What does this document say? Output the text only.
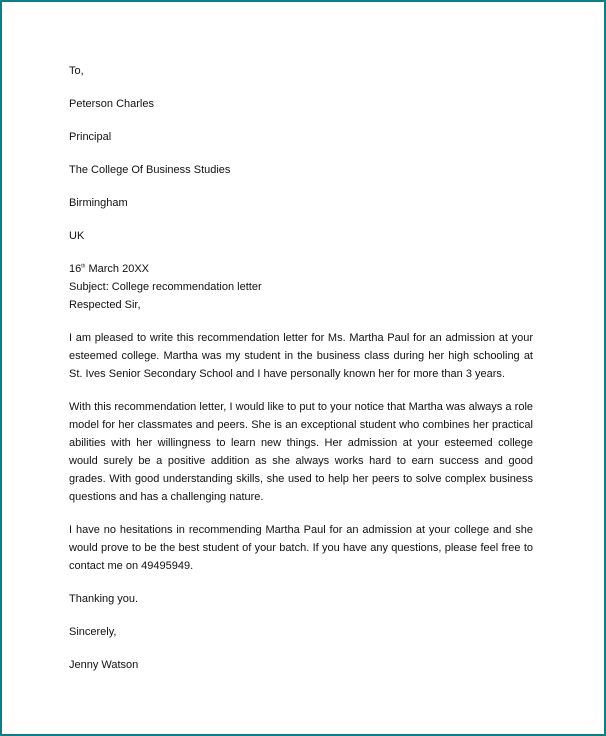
To,
Peterson Charles
Principal
The College Of Business Studies
Birmingham
UK
16th March 20XX
Subject: College recommendation letter
Respected Sir,
I am pleased to write this recommendation letter for Ms. Martha Paul for an admission at your esteemed college. Martha was my student in the business class during her high schooling at St. Ives Senior Secondary School and I have personally known her for more than 3 years.
With this recommendation letter, I would like to put to your notice that Martha was always a role model for her classmates and peers. She is an exceptional student who combines her practical abilities with her willingness to learn new things. Her admission at your esteemed college would surely be a positive addition as she always works hard to earn success and good grades. With good understanding skills, she used to help her peers to solve complex business questions and has a challenging nature.
I have no hesitations in recommending Martha Paul for an admission at your college and she would prove to be the best student of your batch. If you have any questions, please feel free to contact me on 49495949.
Thanking you.
Sincerely,
Jenny Watson
